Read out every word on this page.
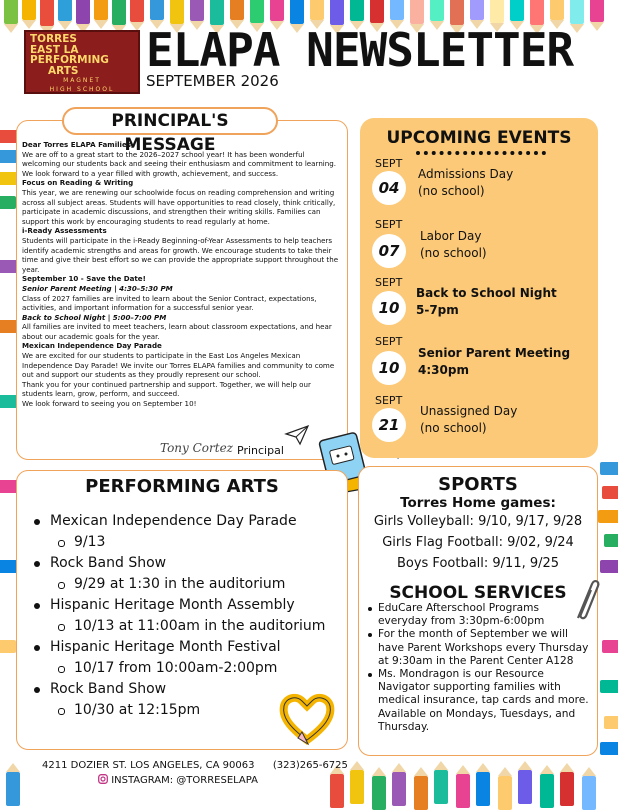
TORRES
EAST LA
PERFORMING
ARTS
MAGNET
HIGH SCHOOL
ELAPA NEWSLETTER
SEPTEMBER 2026
PRINCIPAL'S MESSAGE

Dear Torres ELAPA Families,

We are off to a great start to the 2026–2027 school year! It has been wonderful welcoming our students back and seeing their enthusiasm and commitment to learning. We look forward to a year filled with growth, achievement, and success.

Focus on Reading & Writing

This year, we are renewing our schoolwide focus on reading comprehension and writing across all subject areas. Students will have opportunities to read closely, think critically, participate in academic discussions, and strengthen their writing skills. Families can support this work by encouraging students to read regularly at home.

i-Ready Assessments

Students will participate in the i-Ready Beginning-of-Year Assessments to help teachers identify academic strengths and areas for growth. We encourage students to take their time and give their best effort so we can provide the appropriate support throughout the year.

September 10 - Save the Date!

Senior Parent Meeting | 4:30–5:30 PM

Class of 2027 families are invited to learn about the Senior Contract, expectations, activities, and important information for a successful senior year.

Back to School Night | 5:00–7:00 PM

All families are invited to meet teachers, learn about classroom expectations, and hear about our academic goals for the year.

Mexican Independence Day Parade

We are excited for our students to participate in the East Los Angeles Mexican Independence Day Parade! We invite our Torres ELAPA families and community to come out and support our students as they proudly represent our school.

Thank you for your continued partnership and support. Together, we will help our students learn, grow, perform, and succeed.

We look forward to seeing you on September 10!

Tony Cortez Principal
UPCOMING EVENTS
SEPT
04
Admissions Day
(no school)
SEPT
07
Labor Day
(no school)
SEPT
10
Back to School Night
5-7pm
SEPT
10
Senior Parent Meeting
4:30pm
SEPT
21
Unassigned Day
(no school)
PERFORMING ARTS
Mexican Independence Day Parade
9/13
Rock Band Show
9/29 at 1:30 in the auditorium
Hispanic Heritage Month Assembly
10/13 at 11:00am in the auditorium
Hispanic Heritage Month Festival
10/17 from 10:00am-2:00pm
Rock Band Show
10/30 at 12:15pm
SPORTS
Torres Home games:
Girls Volleyball: 9/10, 9/17, 9/28
Girls Flag Football: 9/02, 9/24
Boys Football: 9/11, 9/25
SCHOOL SERVICES
EduCare Afterschool Programs everyday from 3:30pm-6:00pm
For the month of September we will have Parent Workshops every Thursday at 9:30am in the Parent Center A128
Ms. Mondragon is our Resource Navigator supporting families with medical insurance, tap cards and more. Available on Mondays, Tuesdays, and Thursday.
4211 DOZIER ST. LOS ANGELES, CA 90063 (323)265-6725
INSTAGRAM: @TORRESELAPA
